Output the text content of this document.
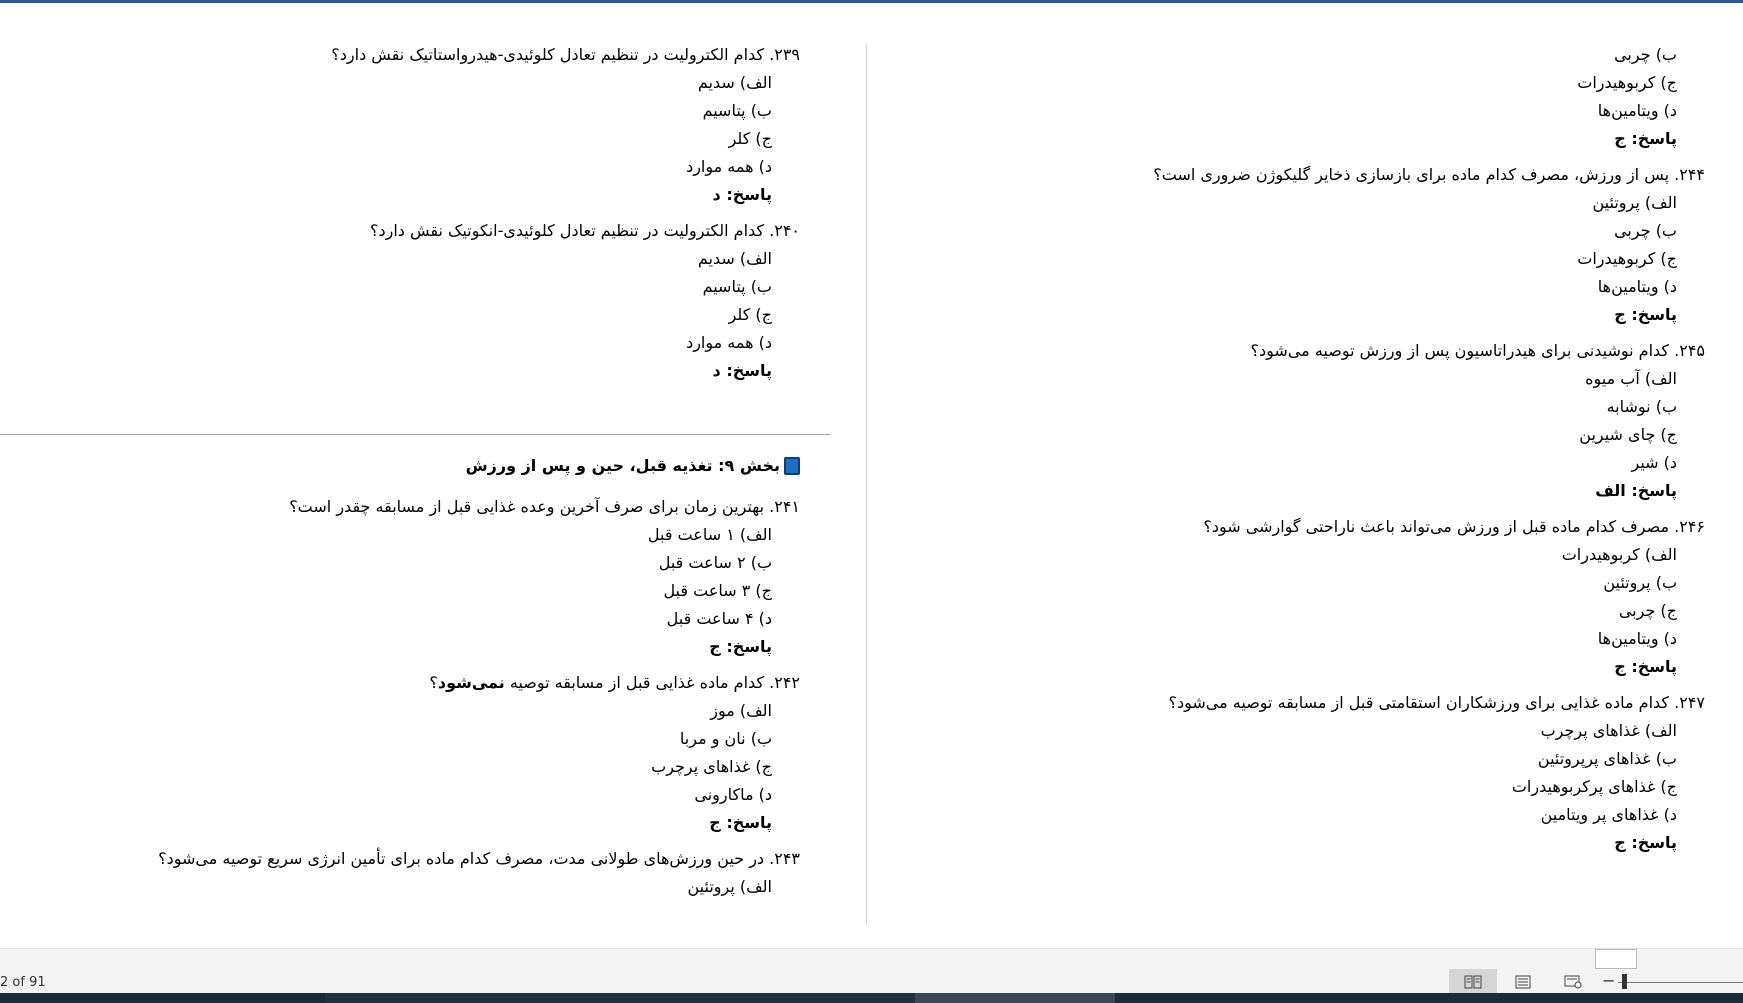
ب) چربی
ج) کربوهیدرات
د) ویتامین‌ها
پاسخ: ج
۲۴۴. پس از ورزش، مصرف کدام ماده برای بازسازی ذخایر گلیکوژن ضروری است؟
الف) پروتئین
ب) چربی
ج) کربوهیدرات
د) ویتامین‌ها
پاسخ: ج
۲۴۵. کدام نوشیدنی برای هیدراتاسیون پس از ورزش توصیه می‌شود؟
الف) آب میوه
ب) نوشابه
ج) چای شیرین
د) شیر
پاسخ: الف
۲۴۶. مصرف کدام ماده قبل از ورزش می‌تواند باعث ناراحتی گوارشی شود؟
الف) کربوهیدرات
ب) پروتئین
ج) چربی
د) ویتامین‌ها
پاسخ: ج
۲۴۷. کدام ماده غذایی برای ورزشکاران استقامتی قبل از مسابقه توصیه می‌شود؟
الف) غذاهای پرچرب
ب) غذاهای پرپروتئین
ج) غذاهای پرکربوهیدرات
د) غذاهای پر ویتامین
پاسخ: ج
۲۳۹. کدام الکترولیت در تنظیم تعادل کلوئیدی-هیدرواستاتیک نقش دارد؟
الف) سدیم
ب) پتاسیم
ج) کلر
د) همه موارد
پاسخ: د
۲۴۰. کدام الکترولیت در تنظیم تعادل کلوئیدی-انکوتیک نقش دارد؟
الف) سدیم
ب) پتاسیم
ج) کلر
د) همه موارد
پاسخ: د
بخش ۹: تغذیه قبل، حین و پس از ورزش
۲۴۱. بهترین زمان برای صرف آخرین وعده غذایی قبل از مسابقه چقدر است؟
الف) ۱ ساعت قبل
ب) ۲ ساعت قبل
ج) ۳ ساعت قبل
د) ۴ ساعت قبل
پاسخ: ج
۲۴۲. کدام ماده غذایی قبل از مسابقه توصیه نمی‌شود؟
الف) موز
ب) نان و مربا
ج) غذاهای پرچرب
د) ماکارونی
پاسخ: ج
۲۴۳. در حین ورزش‌های طولانی مدت، مصرف کدام ماده برای تأمین انرژی سریع توصیه می‌شود؟
الف) پروتئین
2 of 91	−
